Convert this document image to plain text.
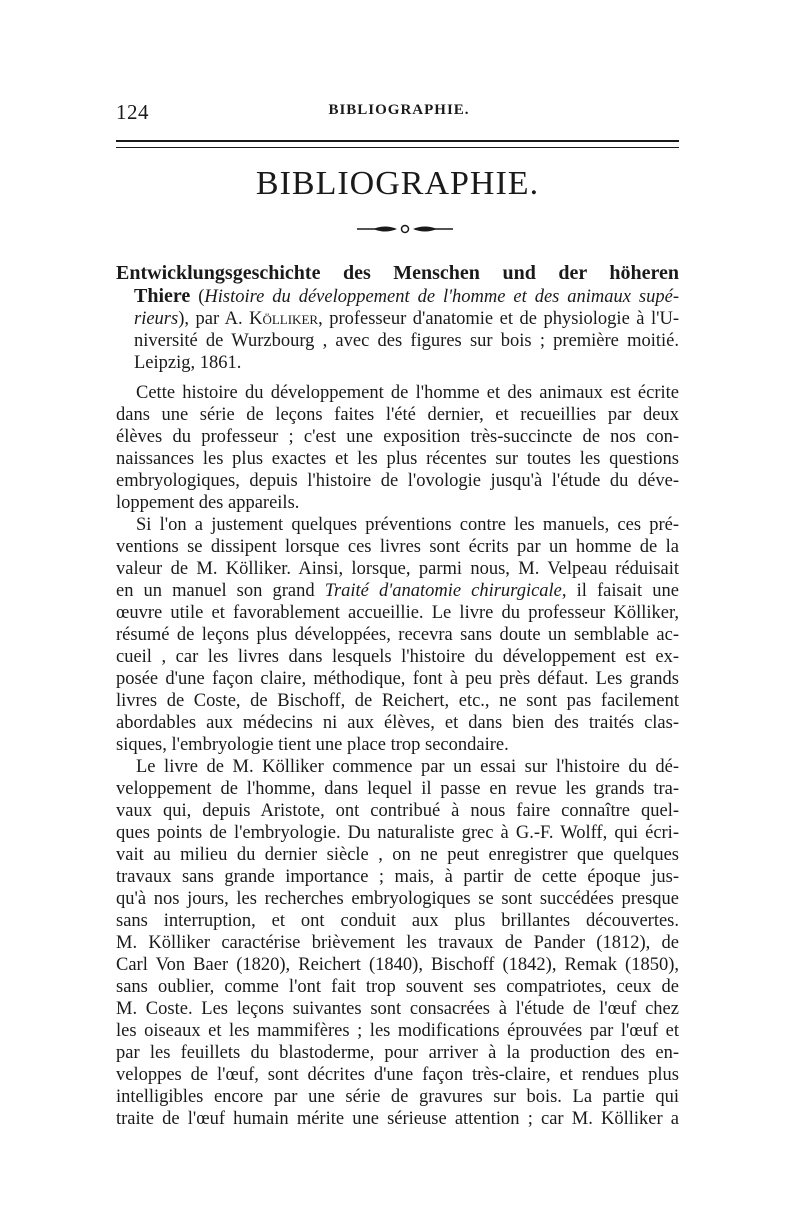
124	BIBLIOGRAPHIE.
BIBLIOGRAPHIE.
Entwicklungsgeschichte des Menschen und der höheren
Thiere (Histoire du développement de l'homme et des animaux supé-
rieurs), par A. Kölliker, professeur d'anatomie et de physiologie à l'U-
niversité de Wurzbourg , avec des figures sur bois ; première moitié.
Leipzig, 1861.
Cette histoire du développement de l'homme et des animaux est écrite
dans une série de leçons faites l'été dernier, et recueillies par deux
élèves du professeur ; c'est une exposition très-succincte de nos con-
naissances les plus exactes et les plus récentes sur toutes les questions
embryologiques, depuis l'histoire de l'ovologie jusqu'à l'étude du déve-
loppement des appareils.
Si l'on a justement quelques préventions contre les manuels, ces pré-
ventions se dissipent lorsque ces livres sont écrits par un homme de la
valeur de M. Kölliker. Ainsi, lorsque, parmi nous, M. Velpeau réduisait
en un manuel son grand Traité d'anatomie chirurgicale, il faisait une
œuvre utile et favorablement accueillie. Le livre du professeur Kölliker,
résumé de leçons plus développées, recevra sans doute un semblable ac-
cueil , car les livres dans lesquels l'histoire du développement est ex-
posée d'une façon claire, méthodique, font à peu près défaut. Les grands
livres de Coste, de Bischoff, de Reichert, etc., ne sont pas facilement
abordables aux médecins ni aux élèves, et dans bien des traités clas-
siques, l'embryologie tient une place trop secondaire.
Le livre de M. Kölliker commence par un essai sur l'histoire du dé-
veloppement de l'homme, dans lequel il passe en revue les grands tra-
vaux qui, depuis Aristote, ont contribué à nous faire connaître quel-
ques points de l'embryologie. Du naturaliste grec à G.-F. Wolff, qui écri-
vait au milieu du dernier siècle , on ne peut enregistrer que quelques
travaux sans grande importance ; mais, à partir de cette époque jus-
qu'à nos jours, les recherches embryologiques se sont succédées presque
sans interruption, et ont conduit aux plus brillantes découvertes.
M. Kölliker caractérise brièvement les travaux de Pander (1812), de
Carl Von Baer (1820), Reichert (1840), Bischoff (1842), Remak (1850),
sans oublier, comme l'ont fait trop souvent ses compatriotes, ceux de
M. Coste. Les leçons suivantes sont consacrées à l'étude de l'œuf chez
les oiseaux et les mammifères ; les modifications éprouvées par l'œuf et
par les feuillets du blastoderme, pour arriver à la production des en-
veloppes de l'œuf, sont décrites d'une façon très-claire, et rendues plus
intelligibles encore par une série de gravures sur bois. La partie qui
traite de l'œuf humain mérite une sérieuse attention ; car M. Kölliker a
